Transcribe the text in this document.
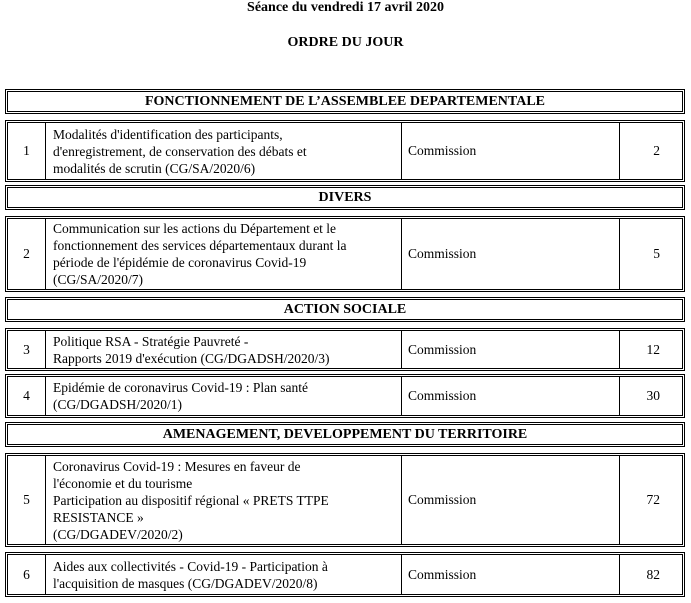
Séance du vendredi 17 avril 2020
ORDRE DU JOUR
FONCTIONNEMENT DE L’ASSEMBLEE DEPARTEMENTALE
1
Modalités d'identification des participants,
d'enregistrement, de conservation des débats et
modalités de scrutin (CG/SA/2020/6)
Commission	2
DIVERS
2
Communication sur les actions du Département et le
fonctionnement des services départementaux durant la
période de l'épidémie de coronavirus Covid-19
(CG/SA/2020/7)
Commission	5
ACTION SOCIALE
3
Politique RSA - Stratégie Pauvreté -
Rapports 2019 d'exécution (CG/DGADSH/2020/3)
Commission	12
4
Epidémie de coronavirus Covid-19 : Plan santé
(CG/DGADSH/2020/1)
Commission	30
AMENAGEMENT, DEVELOPPEMENT DU TERRITOIRE
5
Coronavirus Covid-19 : Mesures en faveur de
l'économie et du tourisme
Participation au dispositif régional « PRETS TTPE
RESISTANCE »
(CG/DGADEV/2020/2)
Commission	72
6
Aides aux collectivités - Covid-19 - Participation à
l'acquisition de masques (CG/DGADEV/2020/8)
Commission	82
